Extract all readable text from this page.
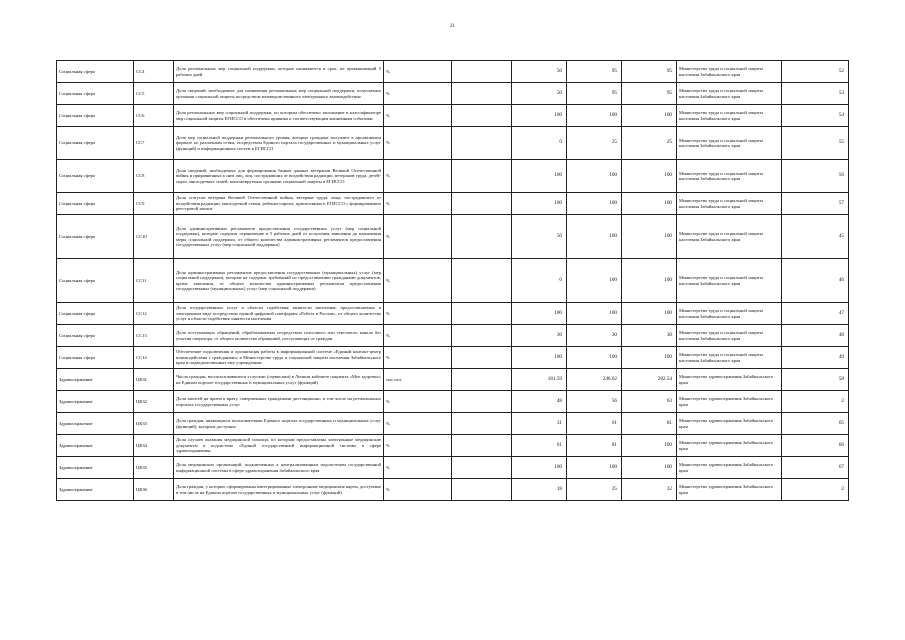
21
Социальная сфера	СС4	Доля региональных мер социальной поддержки, которые назначаются в срок, не превышающий 5 рабочих дней	%		50	95	95	Министерство труда и социальной защиты населения Забайкальского края	52
Социальная сфера	СС5	Доля сведений, необходимых для назначения региональных мер социальной поддержки, получаемых органами социальной защиты посредством межведомственного электронного взаимодействия	%		50	95	95	Министерство труда и социальной защиты населения Забайкальского края	53
Социальная сфера	СС6	Доля региональных мер социальной поддержки, по которым обеспечено заполнение в классификаторе мер социальной защиты ЕГИССО и обеспечена привязка к соответствующим жизненным событиям	%		100	100	100	Министерство труда и социальной защиты населения Забайкальского края	54
Социальная сфера	СС7	Доля мер социальной поддержки регионального уровня, которые граждане получают в проактивном формате по различным сетям, посредством Единого портала государственных и муниципальных услуг (функций) и информационных систем в ЕГИССО	%		0	25	25	Министерство труда и социальной защиты населения Забайкальского края	55
Социальная сфера	СС8	Доля сведений, необходимых для формирования банков данных ветеранов Великой Отечественной войны и приравненных к ним лиц, лиц, пострадавших от воздействия радиации, ветеранов труда, детей-сирот, многодетных семей, контактируемых органами социальной защиты в ЕГИССО	%		100	100	100	Министерство труда и социальной защиты населения Забайкальского края	56
Социальная сфера	СС9	Доля статусов ветерана Великой Отечественной войны, ветерана труда, лица, пострадавшего от воздействия радиации, многодетной семьи, ребенка-сироты, присвоенных в ЕГИССО с формированием реестровой записи	%		100	100	100	Министерство труда и социальной защиты населения Забайкальского края	57
Социальная сфера	СС10	Доля административных регламентов предоставления государственных услуг (мер социальной поддержки), которые содержат ограничение в 5 рабочих дней от получения заявления до назначения меры социальной поддержки, от общего количества административных регламентов предоставления государственных услуг (мер социальной поддержки)	%		50	100	100	Министерство труда и социальной защиты населения Забайкальского края	45
Социальная сфера	СС11	Доля административных регламентов предоставления государственных (муниципальных) услуг (мер социальной поддержки), которые не содержат требований по предоставлению гражданами документов, кроме заявления, от общего количества административных регламентов предоставления государственных (муниципальных) услуг (мер социальной поддержки)	%		0	100	100	Министерство труда и социальной защиты населения Забайкальского края	46
Социальная сфера	СС12	Доля государственных услуг в области содействия занятости населения, предоставляемых в электронном виде посредством единой цифровой платформы «Работа в России», от общего количества услуг в области содействия занятости населения	%		100	100	100	Министерство труда и социальной защиты населения Забайкальского края	47
Социальная сфера	СС13	Доля поступающих обращений, обрабатываемых посредством голосового или текстового канала без участия оператора, от общего количества обращений, поступающих от граждан	%		30	30	30	Министерство труда и социальной защиты населения Забайкальского края	48
Социальная сфера	СС14	Обеспечение подключения и организация работы в информационной системе «Единый контакт-центр взаимодействия с гражданами» в Министерстве труда и социальной защиты населения Забайкальского края и подведомственных ему учреждениях	%		100	100	100	Министерство труда и социальной защиты населения Забайкальского края	49
Здравоохранение	ЦКЗ1	Число граждан, воспользовавшихся услугами (сервисами) в Личном кабинете пациента «Мое здоровье» на Едином портале государственных и муниципальных услуг (функций)	тыс.чел.		181.59	246.02	282.54	Министерство здравоохранения Забайкальского края	58
Здравоохранение	ЦКЗ2	Доля записей на прием к врачу, совершенных гражданами дистанционно, в том числе на региональных порталах государственных услуг	%		48	56	63	Министерство здравоохранения Забайкальского края	2
Здравоохранение	ЦКЗ3	Доля граждан, являющихся пользователями Единого портала государственных и муниципальных услуг (функций), которым доступны	%		31	61	81	Министерство здравоохранения Забайкальского края	65
Здравоохранение	ЦКЗ4	Доля случаев оказания медицинской помощи, по которым предоставлены электронные медицинские документы в подсистеме «Единой государственной информационной системы в сфере здравоохранения»	%		61	81	100	Министерство здравоохранения Забайкальского края	66
Здравоохранение	ЦКЗ5	Доля медицинских организаций, подключенных к централизованным подсистемам государственной информационной системы в сфере здравоохранения Забайкальского края	%		100	100	100	Министерство здравоохранения Забайкальского края	67
Здравоохранение	ЦКЗ6	Доля граждан, у которых сформированы интегрированные электронные медицинские карты, доступные в том числе на Едином портале государственных и муниципальных услуг (функций)	%		18	25	32	Министерство здравоохранения Забайкальского края	2
